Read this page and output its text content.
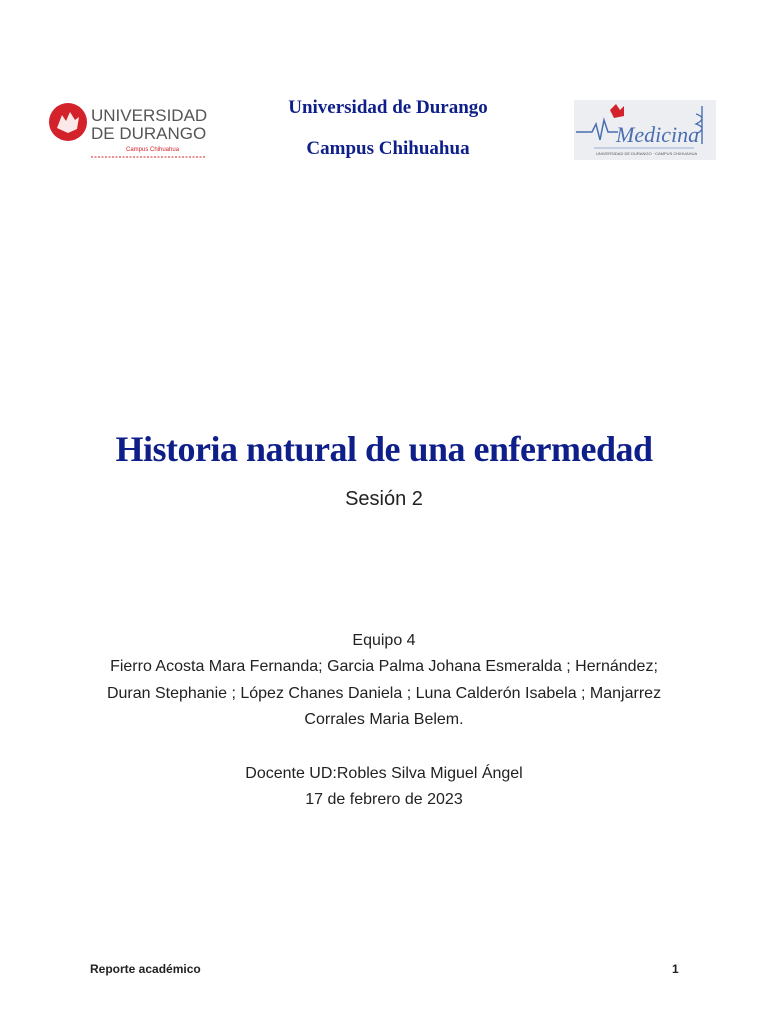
UNIVERSIDAD
DE DURANGO
Campus Chihuahua
Universidad de Durango
Campus Chihuahua
Medicina
UNIVERSIDAD DE DURANGO · CAMPUS CHIHUAHUA
Historia natural de una enfermedad

Sesión 2

Equipo 4

Fierro Acosta Mara Fernanda; Garcia Palma Johana Esmeralda ; Hernández;

Duran Stephanie ; López Chanes Daniela ; Luna Calderón Isabela ; Manjarrez

Corrales Maria Belem.

Docente UD:Robles Silva Miguel Ángel

17 de febrero de 2023

Reporte académico	1
